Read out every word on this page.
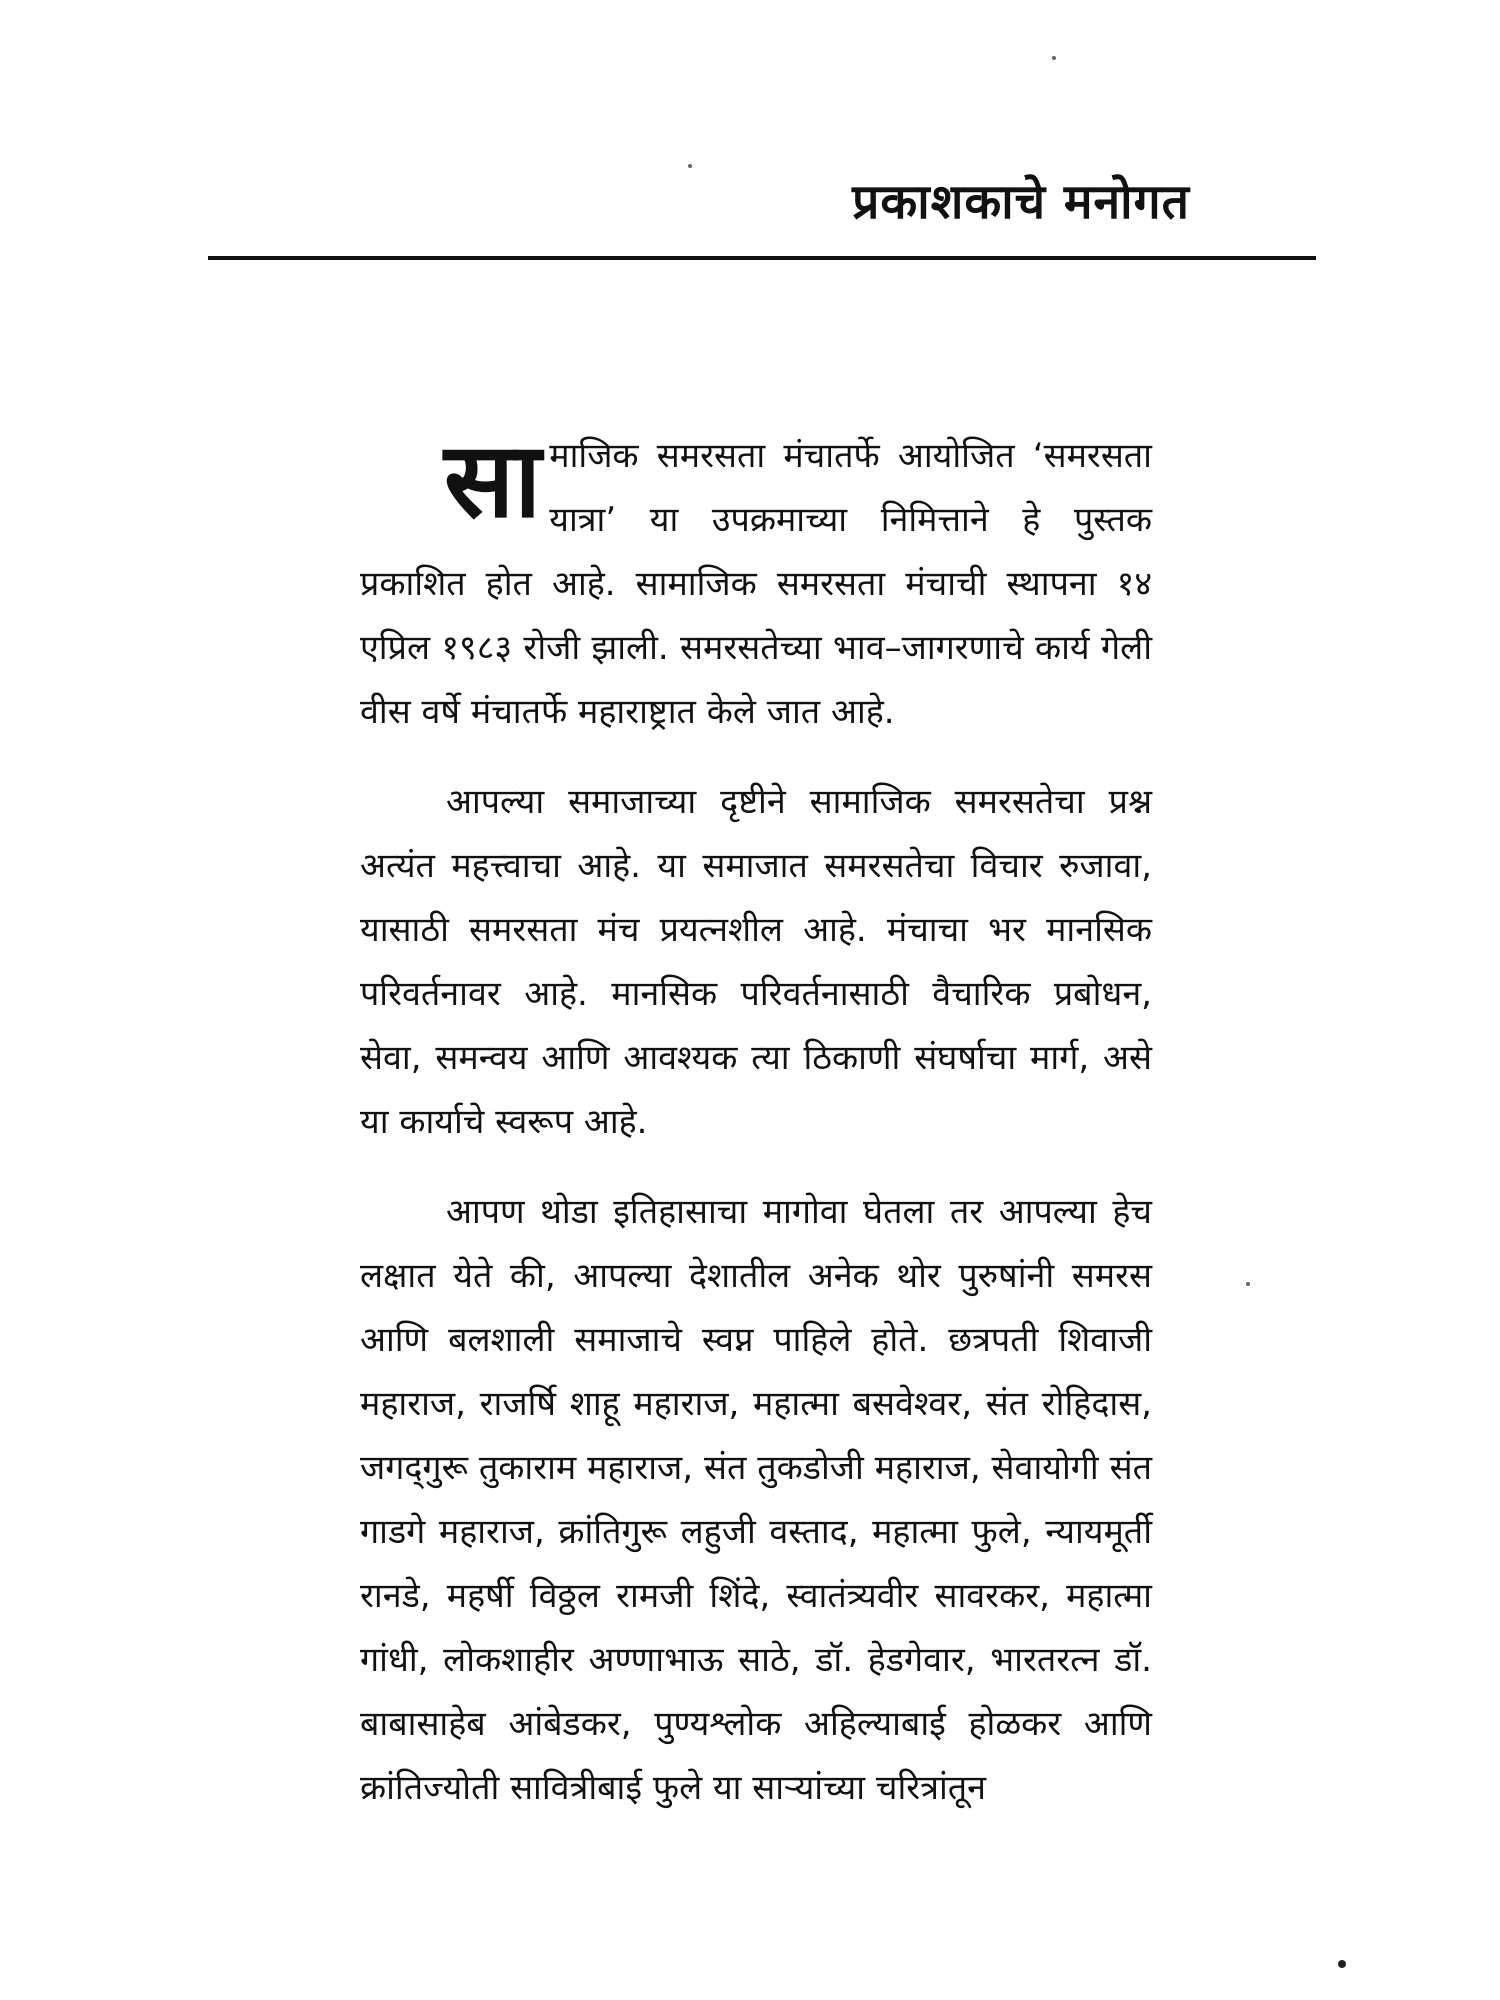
प्रकाशकाचे मनोगत

सामाजिक समरसता मंचातर्फे आयोजित ‘समरसता यात्रा’ या उपक्रमाच्या निमित्ताने हे पुस्तक प्रकाशित होत आहे. सामाजिक समरसता मंचाची स्थापना १४ एप्रिल १९८३ रोजी झाली. समरसतेच्या भाव–जागरणाचे कार्य गेली वीस वर्षे मंचातर्फे महाराष्ट्रात केले जात आहे.

आपल्या समाजाच्या दृष्टीने सामाजिक समरसतेचा प्रश्न अत्यंत महत्त्वाचा आहे. या समाजात समरसतेचा विचार रुजावा, यासाठी समरसता मंच प्रयत्नशील आहे. मंचाचा भर मानसिक परिवर्तनावर आहे. मानसिक परिवर्तनासाठी वैचारिक प्रबोधन, सेवा, समन्वय आणि आवश्यक त्या ठिकाणी संघर्षाचा मार्ग, असे या कार्याचे स्वरूप आहे.

आपण थोडा इतिहासाचा मागोवा घेतला तर आपल्या हेच लक्षात येते की, आपल्या देशातील अनेक थोर पुरुषांनी समरस आणि बलशाली समाजाचे स्वप्न पाहिले होते. छत्रपती शिवाजी महाराज, राजर्षि शाहू महाराज, महात्मा बसवेश्वर, संत रोहिदास, जगद्‌गुरू तुकाराम महाराज, संत तुकडोजी महाराज, सेवायोगी संत गाडगे महाराज, क्रांतिगुरू लहुजी वस्ताद, महात्मा फुले, न्यायमूर्ती रानडे, महर्षी विठ्ठल रामजी शिंदे, स्वातंत्र्यवीर सावरकर, महात्मा गांधी, लोकशाहीर अण्णाभाऊ साठे, डॉ. हेडगेवार, भारतरत्न डॉ. बाबासाहेब आंबेडकर, पुण्यश्लोक अहिल्याबाई होळकर आणि क्रांतिज्योती सावित्रीबाई फुले या साऱ्यांच्या चरित्रांतून
